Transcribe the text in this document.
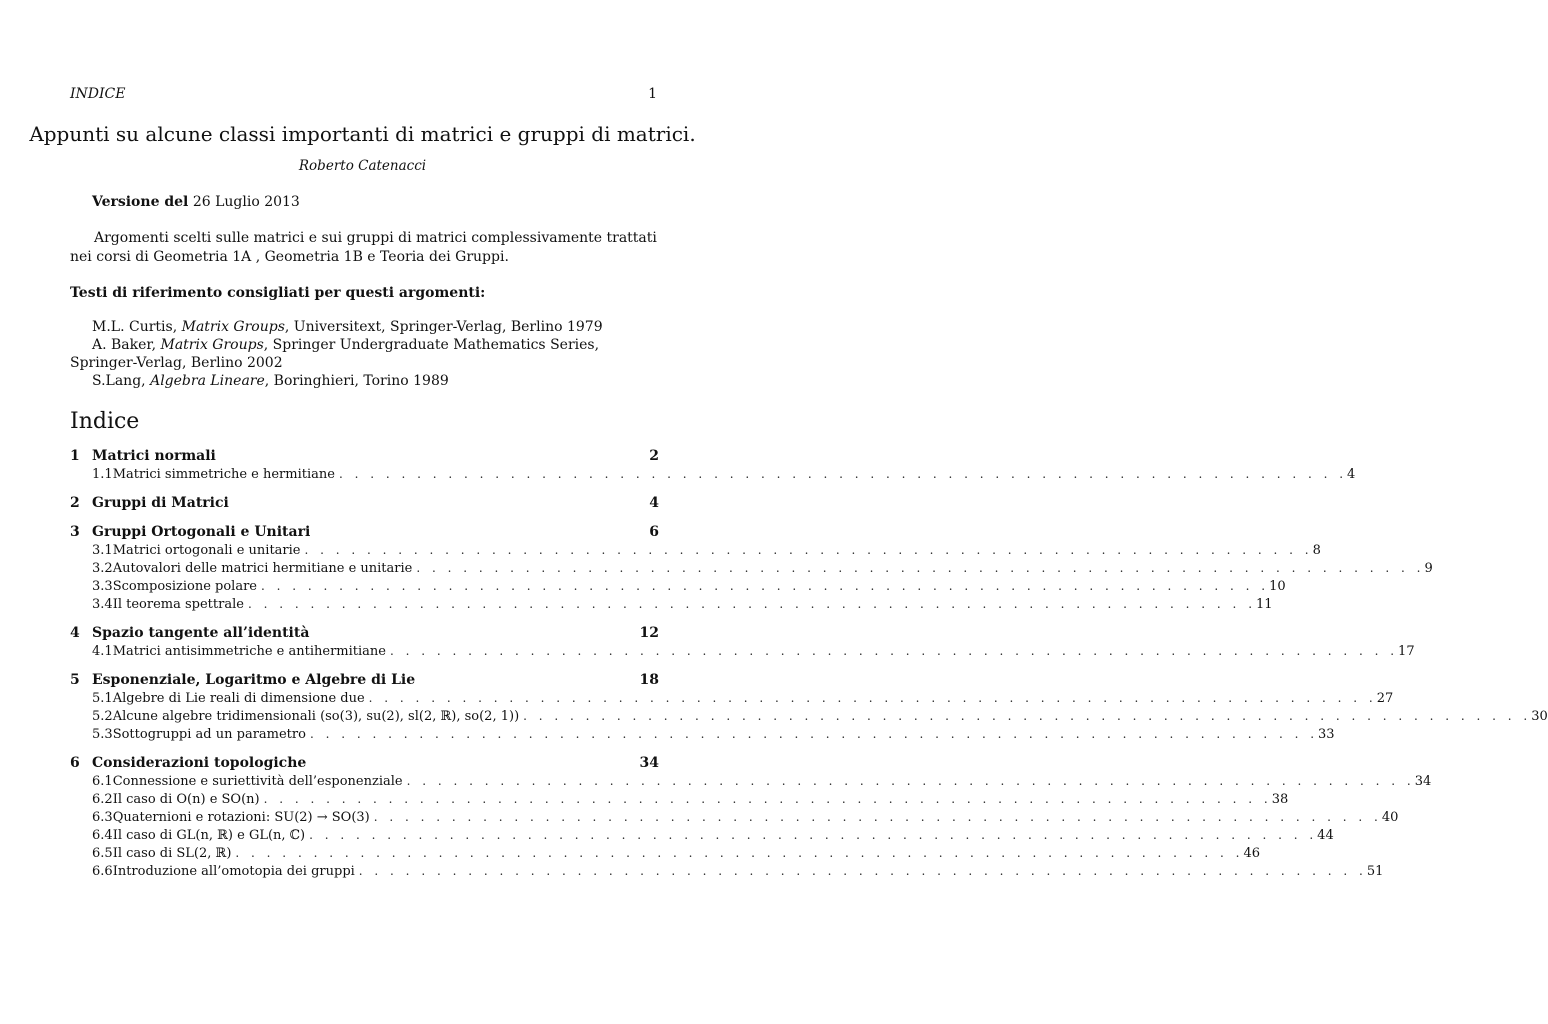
INDICE	1
Appunti su alcune classi importanti di matrici e gruppi di matrici.
Roberto Catenacci
Versione del 26 Luglio 2013
Argomenti scelti sulle matrici e sui gruppi di matrici complessivamente trattati nei corsi di Geometria 1A , Geometria 1B e Teoria dei Gruppi.
Testi di riferimento consigliati per questi argomenti:
M.L. Curtis, Matrix Groups, Universitext, Springer-Verlag, Berlino 1979
A. Baker, Matrix Groups, Springer Undergraduate Mathematics Series, Springer-Verlag, Berlino 2002
S.Lang, Algebra Lineare, Boringhieri, Torino 1989
Indice
1 Matrici normali	2
1.1 Matrici simmetriche e hermitiane . . . . . . . . . . . . . . . . . . . . . . . . . . . . . . . . . . . . . . . . . . . . . . . . . . . . . . . . . . . . . . . . . 4
2 Gruppi di Matrici	4
3 Gruppi Ortogonali e Unitari	6
3.1 Matrici ortogonali e unitarie . . . . . . . . . . . . . . . . . . . . . . . . . . . . . . . . . . . . . . . . . . . . . . . . . . . . . . . . . . . . . . . . . 8
3.2 Autovalori delle matrici hermitiane e unitarie . . . . . . . . . . . . . . . . . . . . . . . . . . . . . . . . . . . . . . . . . . . . . . . . . . . . . . . . . . . . . . . . . 9
3.3 Scomposizione polare . . . . . . . . . . . . . . . . . . . . . . . . . . . . . . . . . . . . . . . . . . . . . . . . . . . . . . . . . . . . . . . . . 10
3.4 Il teorema spettrale . . . . . . . . . . . . . . . . . . . . . . . . . . . . . . . . . . . . . . . . . . . . . . . . . . . . . . . . . . . . . . . . . 11
4 Spazio tangente all’identità	12
4.1 Matrici antisimmetriche e antihermitiane . . . . . . . . . . . . . . . . . . . . . . . . . . . . . . . . . . . . . . . . . . . . . . . . . . . . . . . . . . . . . . . . . 17
5 Esponenziale, Logaritmo e Algebre di Lie	18
5.1 Algebre di Lie reali di dimensione due . . . . . . . . . . . . . . . . . . . . . . . . . . . . . . . . . . . . . . . . . . . . . . . . . . . . . . . . . . . . . . . . . 27
5.2 Alcune algebre tridimensionali (so(3), su(2), sl(2, ℝ), so(2, 1)) . . . . . . . . . . . . . . . . . . . . . . . . . . . . . . . . . . . . . . . . . . . . . . . . . . . . . . . . . . . . . . . . . 30
5.3 Sottogruppi ad un parametro . . . . . . . . . . . . . . . . . . . . . . . . . . . . . . . . . . . . . . . . . . . . . . . . . . . . . . . . . . . . . . . . . 33
6 Considerazioni topologiche	34
6.1 Connessione e suriettività dell’esponenziale . . . . . . . . . . . . . . . . . . . . . . . . . . . . . . . . . . . . . . . . . . . . . . . . . . . . . . . . . . . . . . . . . 34
6.2 Il caso di O(n) e SO(n) . . . . . . . . . . . . . . . . . . . . . . . . . . . . . . . . . . . . . . . . . . . . . . . . . . . . . . . . . . . . . . . . . 38
6.3 Quaternioni e rotazioni: SU(2) → SO(3) . . . . . . . . . . . . . . . . . . . . . . . . . . . . . . . . . . . . . . . . . . . . . . . . . . . . . . . . . . . . . . . . . 40
6.4 Il caso di GL(n, ℝ) e GL(n, ℂ) . . . . . . . . . . . . . . . . . . . . . . . . . . . . . . . . . . . . . . . . . . . . . . . . . . . . . . . . . . . . . . . . . 44
6.5 Il caso di SL(2, ℝ) . . . . . . . . . . . . . . . . . . . . . . . . . . . . . . . . . . . . . . . . . . . . . . . . . . . . . . . . . . . . . . . . . 46
6.6 Introduzione all’omotopia dei gruppi . . . . . . . . . . . . . . . . . . . . . . . . . . . . . . . . . . . . . . . . . . . . . . . . . . . . . . . . . . . . . . . . . 51
